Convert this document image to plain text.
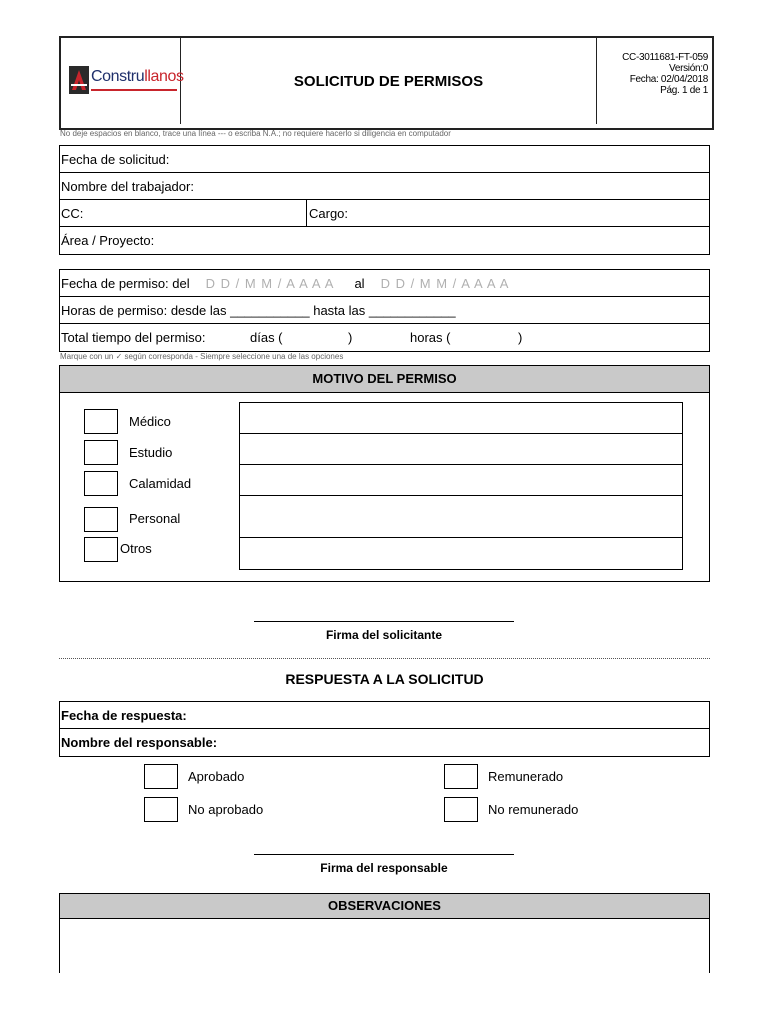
Construllanos	SOLICITUD DE PERMISOS
CC-3011681-FT-059
Versión:0
Fecha: 02/04/2018
Pág. 1 de 1
No deje espacios en blanco, trace una línea --- o escriba N.A.; no requiere hacerlo si diligencia en computador
Fecha de solicitud:
Nombre del trabajador:
CC:	Cargo:
Área / Proyecto:
Fecha de permiso: del D D / M M / A A A A al D D / M M / A A A A
Horas de permiso: desde las ___________ hasta las ____________
Total tiempo del permiso:	días (	)	horas (	)
Marque con un ✓ según corresponda - Siempre seleccione una de las opciones
MOTIVO DEL PERMISO
Médico
Estudio
Calamidad
Personal
Otros
Firma del solicitante
RESPUESTA A LA SOLICITUD
Fecha de respuesta:
Nombre del responsable:
Aprobado
No aprobado
Remunerado
No remunerado
Firma del responsable
OBSERVACIONES
